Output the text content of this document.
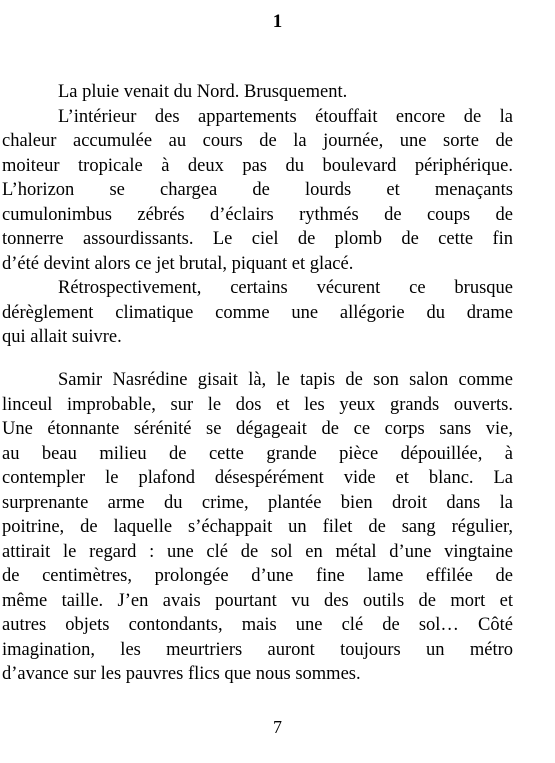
1

La pluie venait du Nord. Brusquement.

L’intérieur des appartements étouffait encore de la
chaleur accumulée au cours de la journée, une sorte de
moiteur tropicale à deux pas du boulevard périphérique.
L’horizon se chargea de lourds et menaçants
cumulonimbus zébrés d’éclairs rythmés de coups de
tonnerre assourdissants. Le ciel de plomb de cette fin
d’été devint alors ce jet brutal, piquant et glacé.

Rétrospectivement, certains vécurent ce brusque
dérèglement climatique comme une allégorie du drame
qui allait suivre.

Samir Nasrédine gisait là, le tapis de son salon comme
linceul improbable, sur le dos et les yeux grands ouverts.
Une étonnante sérénité se dégageait de ce corps sans vie,
au beau milieu de cette grande pièce dépouillée, à
contempler le plafond désespérément vide et blanc. La
surprenante arme du crime, plantée bien droit dans la
poitrine, de laquelle s’échappait un filet de sang régulier,
attirait le regard : une clé de sol en métal d’une vingtaine
de centimètres, prolongée d’une fine lame effilée de
même taille. J’en avais pourtant vu des outils de mort et
autres objets contondants, mais une clé de sol… Côté
imagination, les meurtriers auront toujours un métro
d’avance sur les pauvres flics que nous sommes.

7
